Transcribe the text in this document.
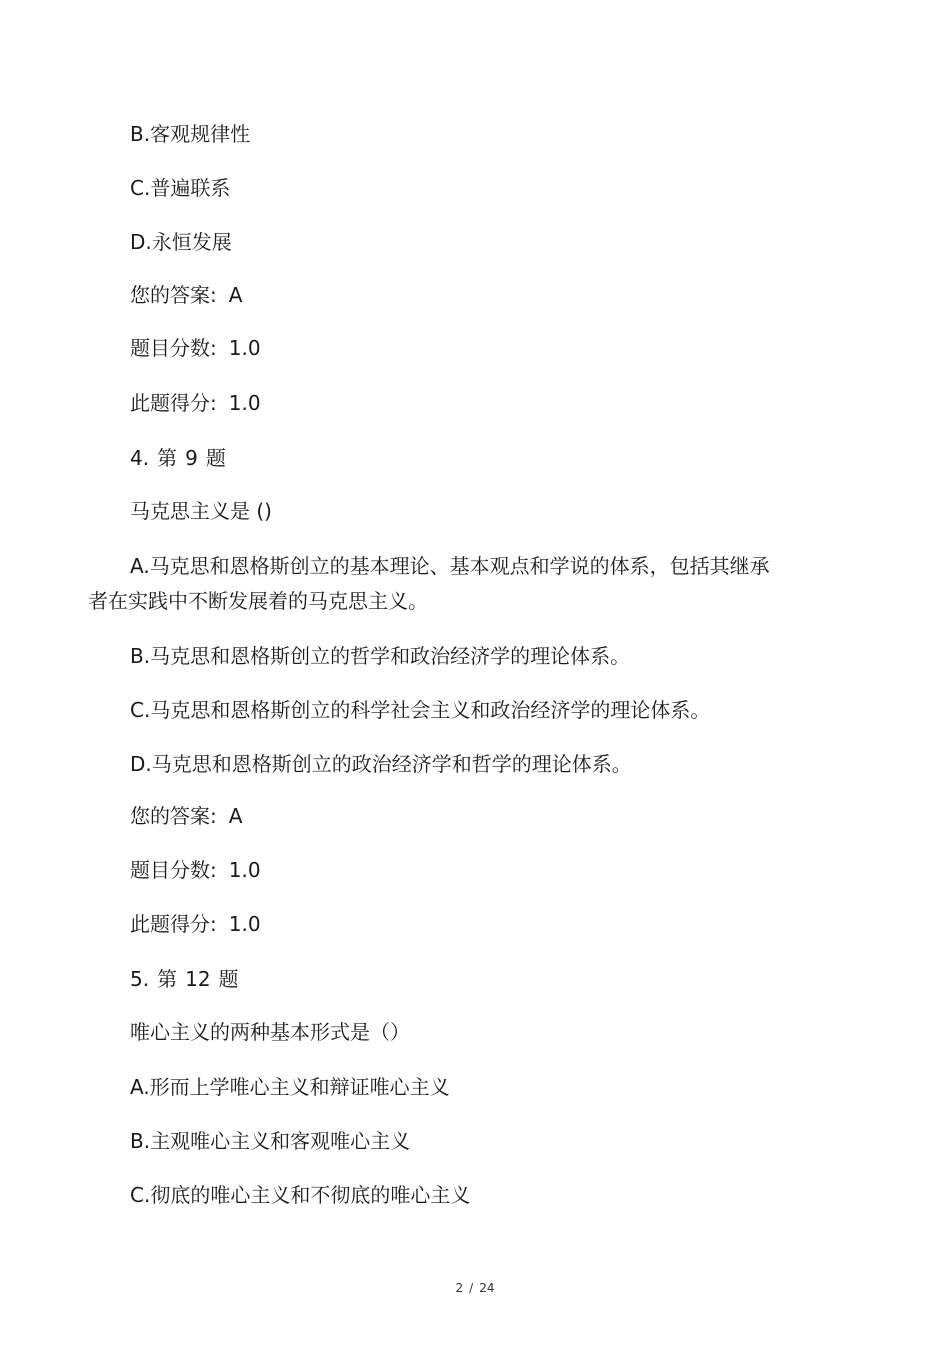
B.客观规律性
C.普遍联系
D.永恒发展
您的答案: A
题目分数: 1.0
此题得分: 1.0
4. 第 9 题
马克思主义是 ()
A.马克思和恩格斯创立的基本理论、基本观点和学说的体系，包括其继承
者在实践中不断发展着的马克思主义。
B.马克思和恩格斯创立的哲学和政治经济学的理论体系。
C.马克思和恩格斯创立的科学社会主义和政治经济学的理论体系。
D.马克思和恩格斯创立的政治经济学和哲学的理论体系。
您的答案: A
题目分数: 1.0
此题得分: 1.0
5. 第 12 题
唯心主义的两种基本形式是（）
A.形而上学唯心主义和辩证唯心主义
B.主观唯心主义和客观唯心主义
C.彻底的唯心主义和不彻底的唯心主义
2 / 24
